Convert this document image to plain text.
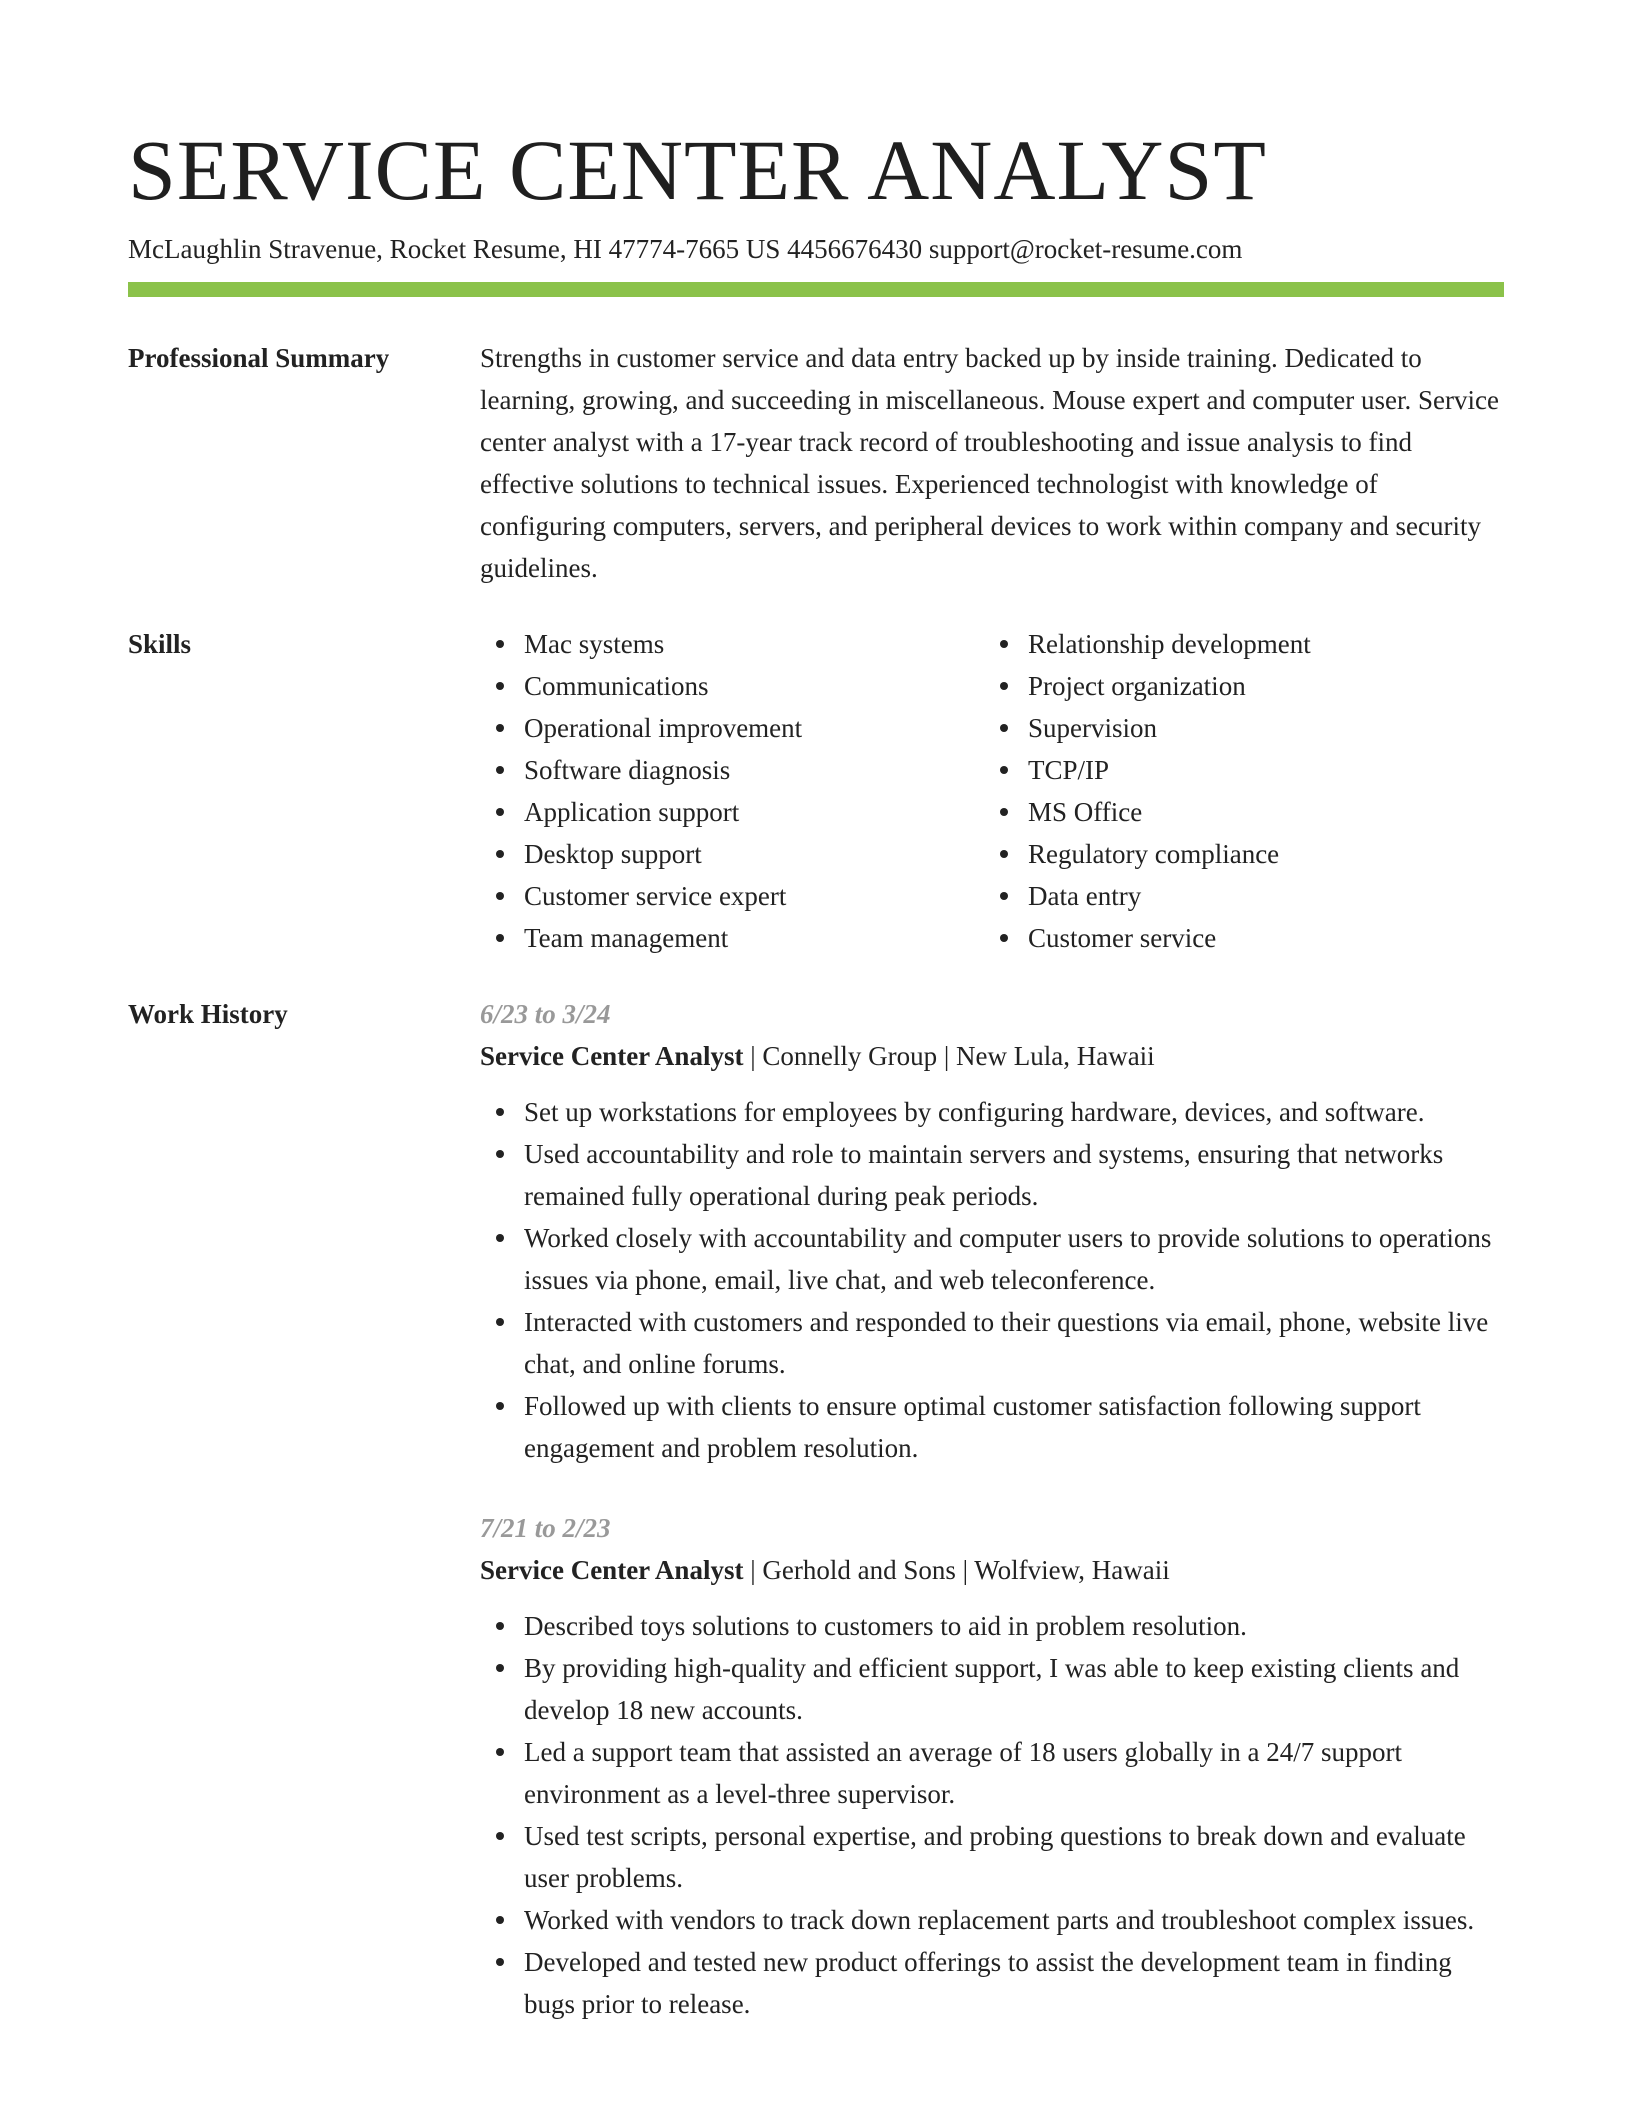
SERVICE CENTER ANALYST
McLaughlin Stravenue, Rocket Resume, HI 47774-7665 US 4456676430 support@rocket-resume.com
Professional Summary	Strengths in customer service and data entry backed up by inside training. Dedicated to learning, growing, and succeeding in miscellaneous. Mouse expert and computer user. Service center analyst with a 17-year track record of troubleshooting and issue analysis to find effective solutions to technical issues. Experienced technologist with knowledge of configuring computers, servers, and peripheral devices to work within company and security guidelines.
Skills	Mac systems
Communications
Operational improvement
Software diagnosis
Application support
Desktop support
Customer service expert
Team management
Relationship development
Project organization
Supervision
TCP/IP
MS Office
Regulatory compliance
Data entry
Customer service
Work History	6/23 to 3/24
Service Center Analyst | Connelly Group | New Lula, Hawaii
Set up workstations for employees by configuring hardware, devices, and software.
Used accountability and role to maintain servers and systems, ensuring that networks remained fully operational during peak periods.
Worked closely with accountability and computer users to provide solutions to operations issues via phone, email, live chat, and web teleconference.
Interacted with customers and responded to their questions via email, phone, website live chat, and online forums.
Followed up with clients to ensure optimal customer satisfaction following support engagement and problem resolution.
7/21 to 2/23
Service Center Analyst | Gerhold and Sons | Wolfview, Hawaii
Described toys solutions to customers to aid in problem resolution.
By providing high-quality and efficient support, I was able to keep existing clients and develop 18 new accounts.
Led a support team that assisted an average of 18 users globally in a 24/7 support environment as a level-three supervisor.
Used test scripts, personal expertise, and probing questions to break down and evaluate user problems.
Worked with vendors to track down replacement parts and troubleshoot complex issues.
Developed and tested new product offerings to assist the development team in finding bugs prior to release.
